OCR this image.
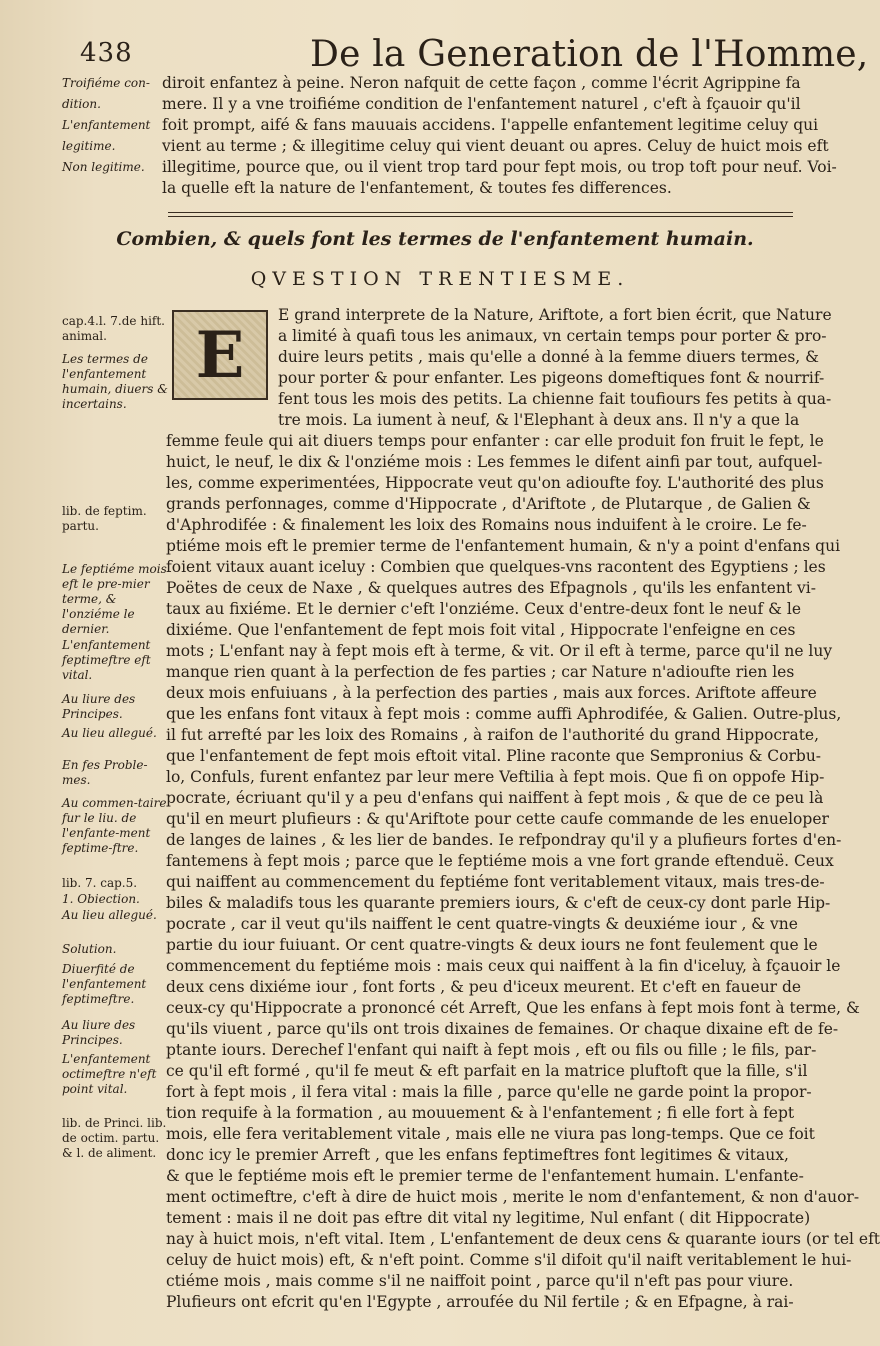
438	De la Generation de l'Homme,
Troifiéme con- diroit enfantez à peine. Neron nafquit de cette façon , comme l'écrit Agrippine fa
dition.	mere. Il y a vne troifiéme condition de l'enfantement naturel , c'eft à fçauoir qu'il
L'enfantement foit prompt, aifé & fans mauuais accidens. I'appelle enfantement legitime celuy qui
legitime.	vient au terme ; & illegitime celuy qui vient deuant ou apres. Celuy de huict mois eft
Non legitime.	illegitime, pource que, ou il vient trop tard pour fept mois, ou trop toft pour neuf. Voi-
la quelle eft la nature de l'enfantement, & toutes fes differences.
Combien, & quels font les termes de l'enfantement humain.
QVESTION TRENTIESME.
E
cap.4.l. 7.de hift. animal.
Les termes de l'enfantement humain, diuers & incertains.
lib. de feptim. partu.
Le feptiéme mois eft le pre-mier terme, & l'onziéme le dernier.
L'enfantement feptimeftre eft vital.
Au liure des Principes.
Au lieu allegué.
En fes Proble-mes.
Au commen-taire fur le liu. de l'enfante-ment feptime-ftre.
lib. 7. cap.5.
1. Obiection.
Au lieu allegué.
Solution.
Diuerfité de l'enfantement feptimeftre.
Au liure des Principes.
L'enfantement octimeftre n'eft point vital.
lib. de Princi. lib. de octim. partu. & l. de aliment.
E grand interprete de la Nature, Ariftote, a fort bien écrit, que Nature
a limité à quafi tous les animaux, vn certain temps pour porter & pro-
duire leurs petits , mais qu'elle a donné à la femme diuers termes, &
pour porter & pour enfanter. Les pigeons domeftiques font & nourrif-
fent tous les mois des petits. La chienne fait toufiours fes petits à qua-
tre mois. La iument à neuf, & l'Elephant à deux ans. Il n'y a que la
femme feule qui ait diuers temps pour enfanter : car elle produit fon fruit le fept, le
huict, le neuf, le dix & l'onziéme mois : Les femmes le difent ainfi par tout, aufquel-
les, comme experimentées, Hippocrate veut qu'on adioufte foy. L'authorité des plus
grands perfonnages, comme d'Hippocrate , d'Ariftote , de Plutarque , de Galien &
d'Aphrodifée : & finalement les loix des Romains nous induifent à le croire. Le fe-
ptiéme mois eft le premier terme de l'enfantement humain, & n'y a point d'enfans qui
foient vitaux auant iceluy : Combien que quelques-vns racontent des Egyptiens ; les
Poëtes de ceux de Naxe , & quelques autres des Efpagnols , qu'ils les enfantent vi-
taux au fixiéme. Et le dernier c'eft l'onziéme. Ceux d'entre-deux font le neuf & le
dixiéme. Que l'enfantement de fept mois foit vital , Hippocrate l'enfeigne en ces
mots ; L'enfant nay à fept mois eft à terme, & vit. Or il eft à terme, parce qu'il ne luy
manque rien quant à la perfection de fes parties ; car Nature n'adioufte rien les
deux mois enfuiuans , à la perfection des parties , mais aux forces. Ariftote affeure
que les enfans font vitaux à fept mois : comme auffi Aphrodifée, & Galien. Outre-plus,
il fut arrefté par les loix des Romains , à raifon de l'authorité du grand Hippocrate,
que l'enfantement de fept mois eftoit vital. Pline raconte que Sempronius & Corbu-
lo, Confuls, furent enfantez par leur mere Veftilia à fept mois. Que fi on oppofe Hip-
pocrate, écriuant qu'il y a peu d'enfans qui naiffent à fept mois , & que de ce peu là
qu'il en meurt plufieurs : & qu'Ariftote pour cette caufe commande de les enueloper
de langes de laines , & les lier de bandes. Ie refpondray qu'il y a plufieurs fortes d'en-
fantemens à fept mois ; parce que le feptiéme mois a vne fort grande eftenduë. Ceux
qui naiffent au commencement du feptiéme font veritablement vitaux, mais tres-de-
biles & maladifs tous les quarante premiers iours, & c'eft de ceux-cy dont parle Hip-
pocrate , car il veut qu'ils naiffent le cent quatre-vingts & deuxiéme iour , & vne
partie du iour fuiuant. Or cent quatre-vingts & deux iours ne font feulement que le
commencement du feptiéme mois : mais ceux qui naiffent à la fin d'iceluy, à fçauoir le
deux cens dixiéme iour , font forts , & peu d'iceux meurent. Et c'eft en faueur de
ceux-cy qu'Hippocrate a prononcé cét Arreft, Que les enfans à fept mois font à terme, &
qu'ils viuent , parce qu'ils ont trois dixaines de femaines. Or chaque dixaine eft de fe-
ptante iours. Derechef l'enfant qui naift à fept mois , eft ou fils ou fille ; le fils, par-
ce qu'il eft formé , qu'il fe meut & eft parfait en la matrice pluftoft que la fille, s'il
fort à fept mois , il fera vital : mais la fille , parce qu'elle ne garde point la propor-
tion requife à la formation , au mouuement & à l'enfantement ; fi elle fort à fept
mois, elle fera veritablement vitale , mais elle ne viura pas long-temps. Que ce foit
donc icy le premier Arreft , que les enfans feptimeftres font legitimes & vitaux,
& que le feptiéme mois eft le premier terme de l'enfantement humain. L'enfante-
ment octimeftre, c'eft à dire de huict mois , merite le nom d'enfantement, & non d'auor-
tement : mais il ne doit pas eftre dit vital ny legitime, Nul enfant ( dit Hippocrate)
nay à huict mois, n'eft vital. Item , L'enfantement de deux cens & quarante iours (or tel eft
celuy de huict mois) eft, & n'eft point. Comme s'il difoit qu'il naift veritablement le hui-
ctiéme mois , mais comme s'il ne naiffoit point , parce qu'il n'eft pas pour viure.
Plufieurs ont efcrit qu'en l'Egypte , arroufée du Nil fertile ; & en Efpagne, à rai-
